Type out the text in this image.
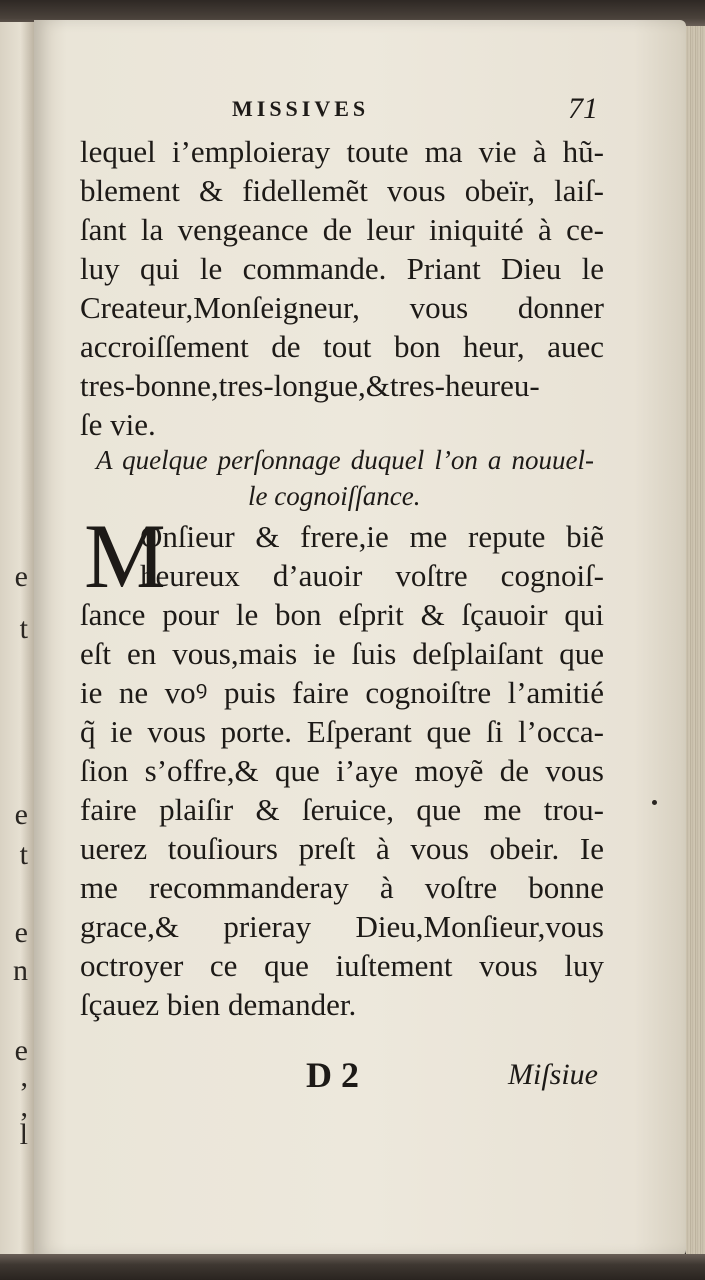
e
t
e
t
e
n
e
,
,
l
MISSIVES	71
lequel i’emploieray toute ma vie à hũ-
blement & fidellemẽt vous obeïr, laiſ-
ſant la vengeance de leur iniquité à ce-
luy qui le commande. Priant Dieu le
Createur,Monſeigneur, vous donner
accroiſſement de tout bon heur, auec
tres-bonne,tres-longue,&tres-heureu-
ſe vie.
A quelque perſonnage duquel l’on a nouuel-
le cognoiſſance.
M
Onſieur & frere,ie me repute biẽ
heureux d’auoir voſtre cognoiſ-
ſance pour le bon eſprit & ſçauoir qui
eſt en vous,mais ie ſuis deſplaiſant que
ie ne voꝰ puis faire cognoiſtre l’amitié
q̃ ie vous porte. Eſperant que ſi l’occa-
ſion s’offre,& que i’aye moyẽ de vous
faire plaiſir & ſeruice, que me trou-
uerez touſiours preſt à vous obeir. Ie
me recommanderay à voſtre bonne
grace,& prieray Dieu,Monſieur,vous
octroyer ce que iuſtement vous luy
ſçauez bien demander.
D 2	Miſsiue
